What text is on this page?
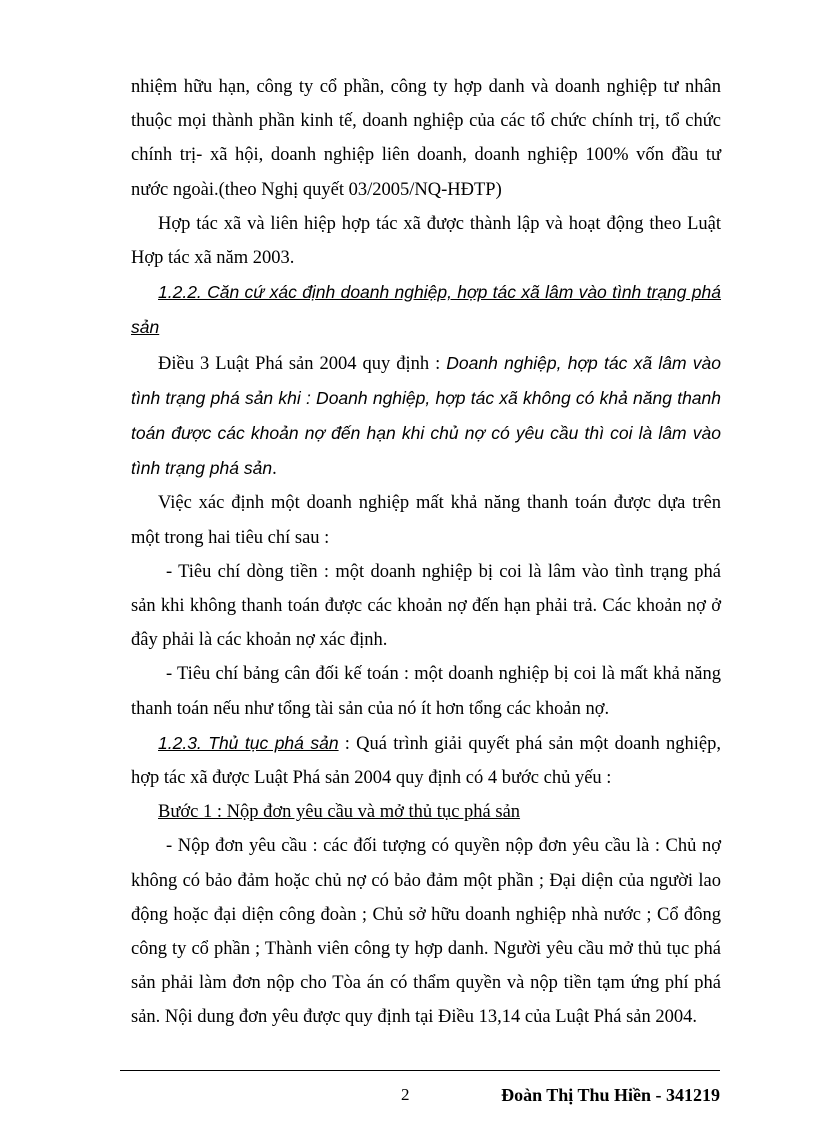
nhiệm hữu hạn, công ty cổ phần, công ty hợp danh và doanh nghiệp tư nhân thuộc mọi thành phần kinh tế, doanh nghiệp của các tổ chức chính trị, tổ chức chính trị- xã hội, doanh nghiệp liên doanh, doanh nghiệp 100% vốn đầu tư nước ngoài.(theo Nghị quyết 03/2005/NQ-HĐTP)

Hợp tác xã và liên hiệp hợp tác xã được thành lập và hoạt động theo Luật Hợp tác xã năm 2003.

1.2.2. Căn cứ xác định doanh nghiệp, hợp tác xã lâm vào tình trạng phá sản

Điều 3 Luật Phá sản 2004 quy định : Doanh nghiệp, hợp tác xã lâm vào tình trạng phá sản khi : Doanh nghiệp, hợp tác xã không có khả năng thanh toán được các khoản nợ đến hạn khi chủ nợ có yêu cầu thì coi là lâm vào tình trạng phá sản.

Việc xác định một doanh nghiệp mất khả năng thanh toán được dựa trên một trong hai tiêu chí sau :

- Tiêu chí dòng tiền : một doanh nghiệp bị coi là lâm vào tình trạng phá sản khi không thanh toán được các khoản nợ đến hạn phải trả. Các khoản nợ ở đây phải là các khoản nợ xác định.

- Tiêu chí bảng cân đối kế toán : một doanh nghiệp bị coi là mất khả năng thanh toán nếu như tổng tài sản của nó ít hơn tổng các khoản nợ.

1.2.3. Thủ tục phá sản : Quá trình giải quyết phá sản một doanh nghiệp, hợp tác xã được Luật Phá sản 2004 quy định có 4 bước chủ yếu :

Bước 1 : Nộp đơn yêu cầu và mở thủ tục phá sản

- Nộp đơn yêu cầu : các đối tượng có quyền nộp đơn yêu cầu là : Chủ nợ không có bảo đảm hoặc chủ nợ có bảo đảm một phần ; Đại diện của người lao động hoặc đại diện công đoàn ; Chủ sở hữu doanh nghiệp nhà nước ; Cổ đông công ty cổ phần ; Thành viên công ty hợp danh. Người yêu cầu mở thủ tục phá sản phải làm đơn nộp cho Tòa án có thẩm quyền và nộp tiền tạm ứng phí phá sản. Nội dung đơn yêu được quy định tại Điều 13,14 của Luật Phá sản 2004.

2	Đoàn Thị Thu Hiền - 341219
